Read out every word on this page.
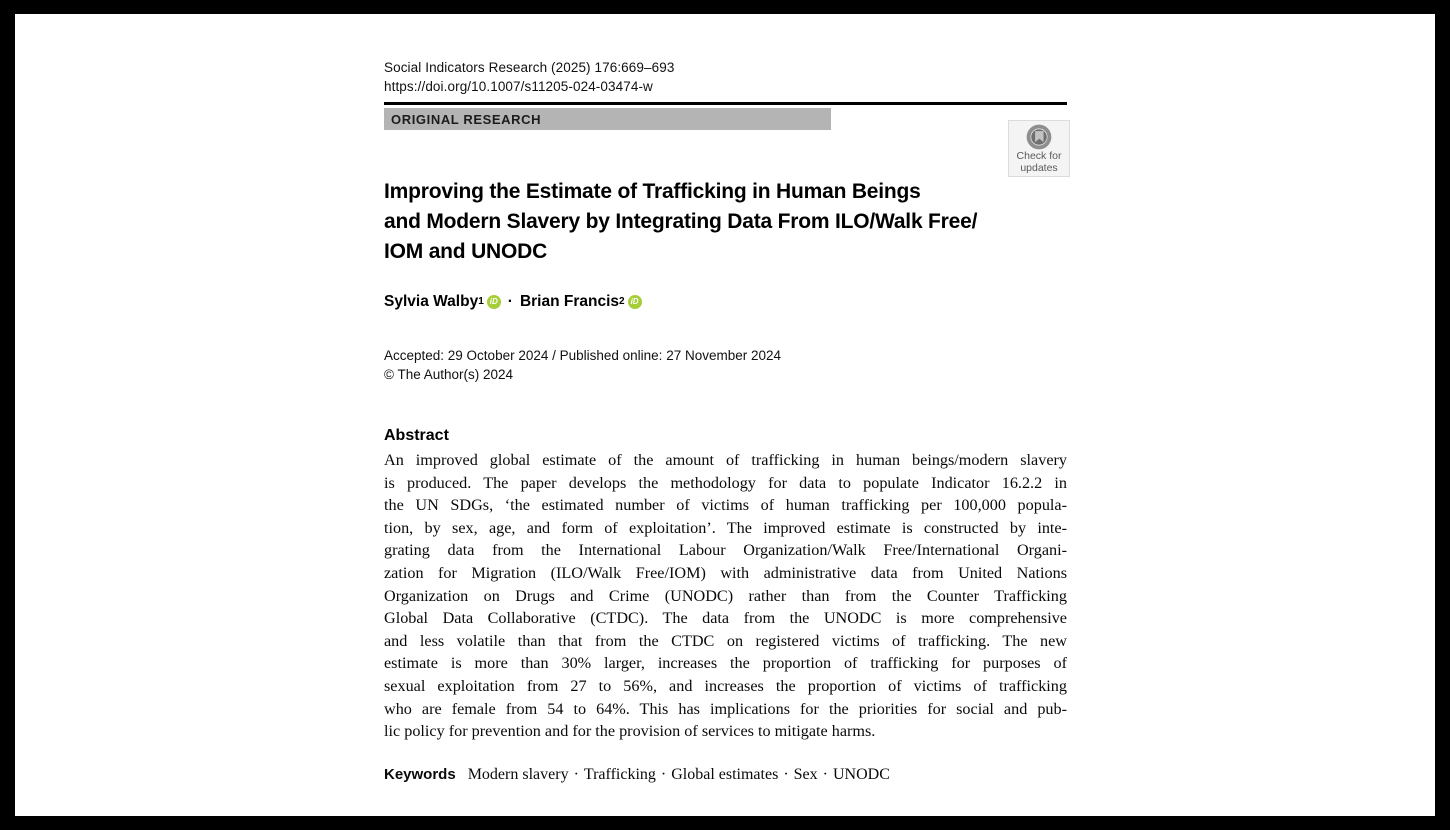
Social Indicators Research (2025) 176:669–693
https://doi.org/10.1007/s11205-024-03474-w
ORIGINAL RESEARCH
Check for
updates
Improving the Estimate of Trafficking in Human Beings
and Modern Slavery by Integrating Data From ILO/Walk Free/
IOM and UNODC
Sylvia Walby 1 iD · Brian Francis 2 iD
Accepted: 29 October 2024 / Published online: 27 November 2024
© The Author(s) 2024
Abstract
An improved global estimate of the amount of trafficking in human beings/modern slavery
is produced. The paper develops the methodology for data to populate Indicator 16.2.2 in
the UN SDGs, ‘the estimated number of victims of human trafficking per 100,000 popula-
tion, by sex, age, and form of exploitation’. The improved estimate is constructed by inte-
grating data from the International Labour Organization/Walk Free/International Organi-
zation for Migration (ILO/Walk Free/IOM) with administrative data from United Nations
Organization on Drugs and Crime (UNODC) rather than from the Counter Trafficking
Global Data Collaborative (CTDC). The data from the UNODC is more comprehensive
and less volatile than that from the CTDC on registered victims of trafficking. The new
estimate is more than 30% larger, increases the proportion of trafficking for purposes of
sexual exploitation from 27 to 56%, and increases the proportion of victims of trafficking
who are female from 54 to 64%. This has implications for the priorities for social and pub-
lic policy for prevention and for the provision of services to mitigate harms.
Keywords Modern slavery · Trafficking · Global estimates · Sex · UNODC
